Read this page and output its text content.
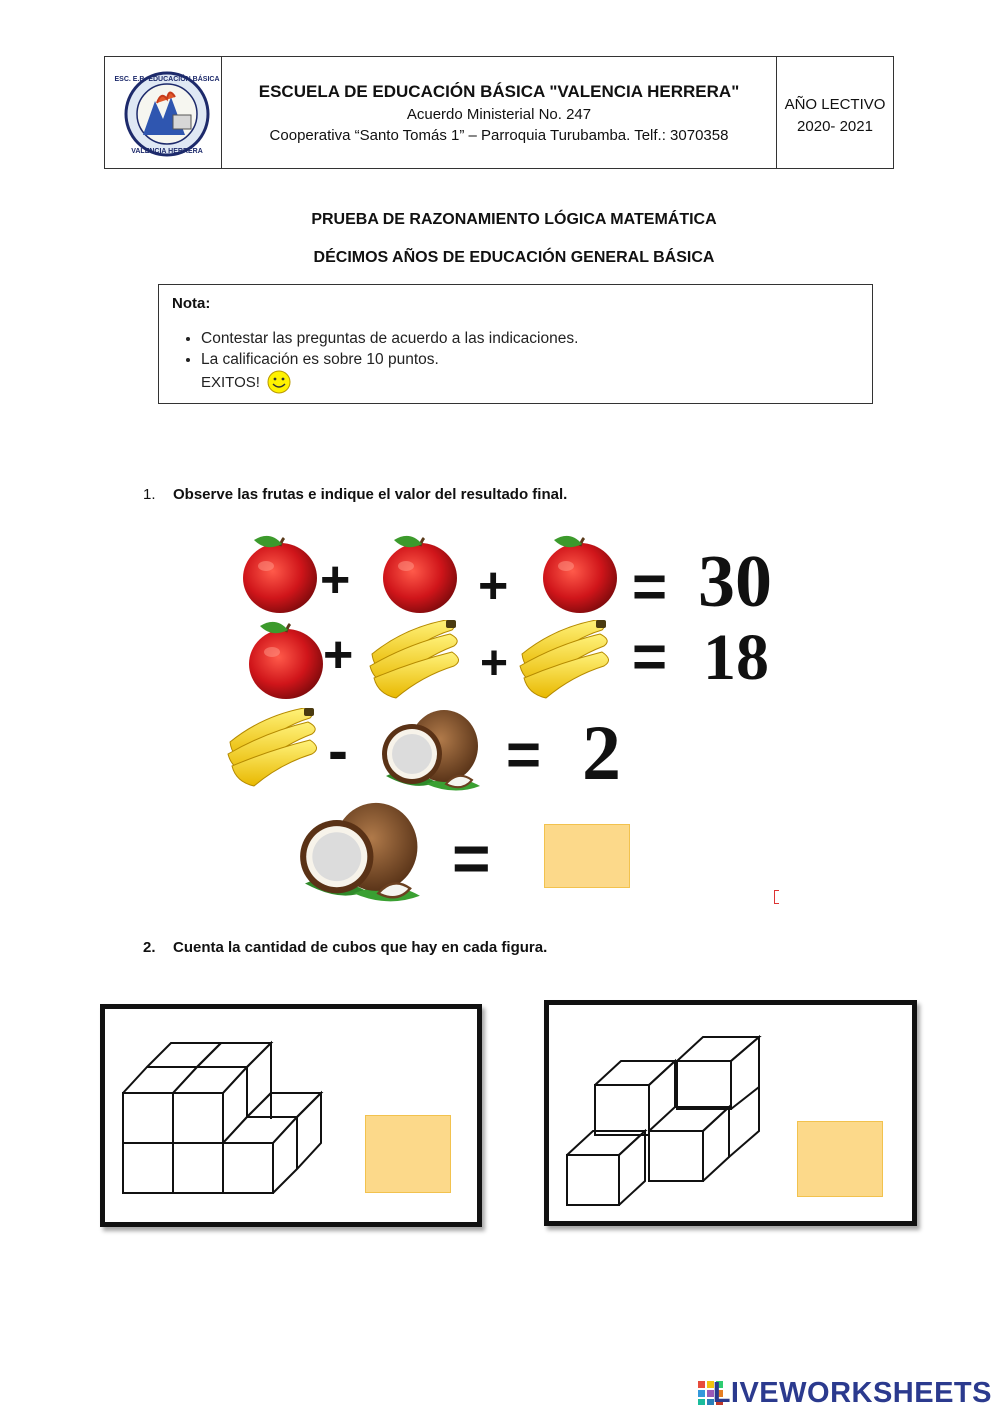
ESC. E.B. EDUCACIÓN BÁSICA
VALENCIA HERRERA
ESCUELA DE EDUCACIÓN BÁSICA "VALENCIA HERRERA"
Acuerdo Ministerial No. 247
Cooperativa “Santo Tomás 1” – Parroquia Turubamba. Telf.: 3070358
AÑO LECTIVO
2020- 2021
PRUEBA DE RAZONAMIENTO LÓGICA MATEMÁTICA
DÉCIMOS AÑOS DE EDUCACIÓN GENERAL BÁSICA
Nota:
• Contestar las preguntas de acuerdo a las indicaciones.
• La calificación es sobre 10 puntos.
EXITOS!
1. Observe las frutas e indique el valor del resultado final.
+ + = 30
+	+ = 18
-	= 2
=
2. Cuenta la cantidad de cubos que hay en cada figura.
LIVEWORKSHEETS
